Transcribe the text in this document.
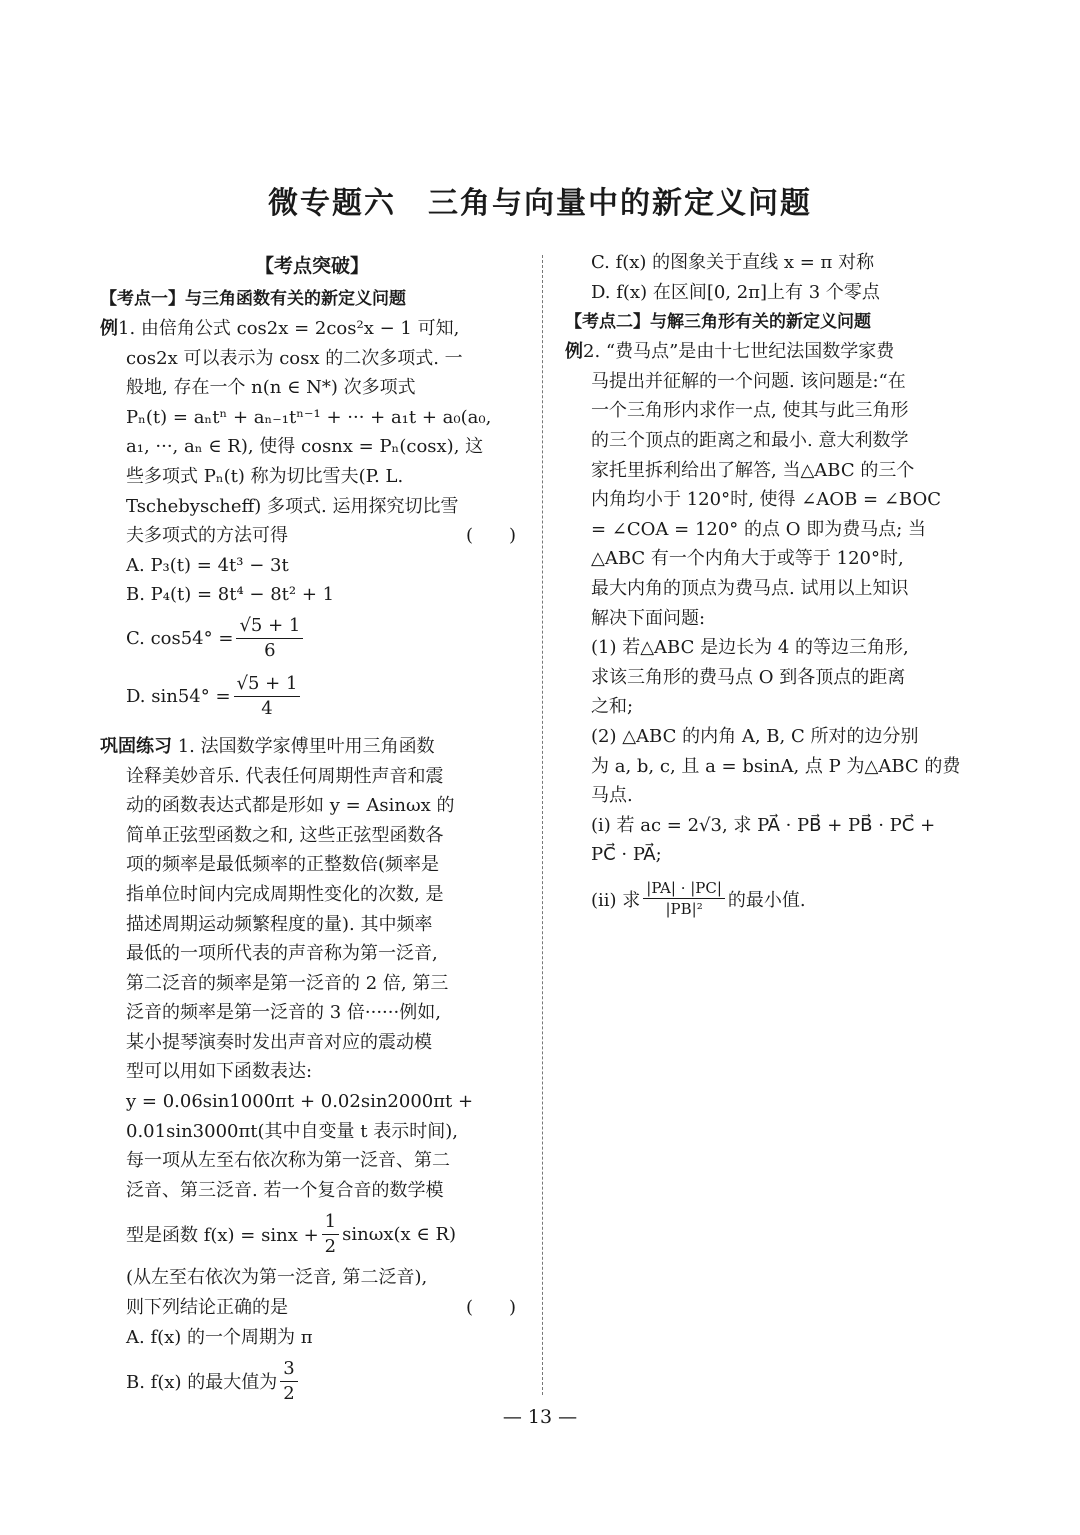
微专题六　三角与向量中的新定义问题
【考点突破】
【考点一】与三角函数有关的新定义问题
例1. 由倍角公式 cos2x = 2cos²x − 1 可知,
cos2x 可以表示为 cosx 的二次多项式. 一
般地, 存在一个 n(n ∈ N*) 次多项式
Pₙ(t) = aₙtⁿ + aₙ₋₁tⁿ⁻¹ + ··· + a₁t + a₀(a₀,
a₁, ···, aₙ ∈ R), 使得 cosnx = Pₙ(cosx), 这
些多项式 Pₙ(t) 称为切比雪夫(P. L.
Tschebyscheff) 多项式. 运用探究切比雪
夫多项式的方法可得	(　　)
A. P₃(t) = 4t³ − 3t
B. P₄(t) = 8t⁴ − 8t² + 1
C. $\cos 54^\circ = \frac{√5 + 1}{6}$
D. $\sin 54^\circ = \frac{√5 + 1}{4}$
巩固练习 1. 法国数学家傅里叶用三角函数
诠释美妙音乐. 代表任何周期性声音和震
动的函数表达式都是形如 y = Asinωx 的
简单正弦型函数之和, 这些正弦型函数各
项的频率是最低频率的正整数倍(频率是
指单位时间内完成周期性变化的次数, 是
描述周期运动频繁程度的量). 其中频率
最低的一项所代表的声音称为第一泛音,
第二泛音的频率是第一泛音的 2 倍, 第三
泛音的频率是第一泛音的 3 倍······例如,
某小提琴演奏时发出声音对应的震动模
型可以用如下函数表达:
y = 0.06sin1000πt + 0.02sin2000πt +
0.01sin3000πt(其中自变量 t 表示时间),
每一项从左至右依次称为第一泛音、第二
泛音、第三泛音. 若一个复合音的数学模
型是函数 $f(x) = \sin x + \frac{1}{2} \sin\omega x(x$ ∈ R)
(从左至右依次为第一泛音, 第二泛音),
则下列结论正确的是	(　　)
A. f(x) 的一个周期为 π
B. f(x) 的最大值为 $\frac{3}{2}$
C. f(x) 的图象关于直线 x = π 对称
D. f(x) 在区间[0, 2π]上有 3 个零点
【考点二】与解三角形有关的新定义问题
例2. “费马点”是由十七世纪法国数学家费
马提出并征解的一个问题. 该问题是:“在
一个三角形内求作一点, 使其与此三角形
的三个顶点的距离之和最小. 意大利数学
家托里拆利给出了解答, 当△ABC 的三个
内角均小于 120°时, 使得 ∠AOB = ∠BOC
= ∠COA = 120° 的点 O 即为费马点; 当
△ABC 有一个内角大于或等于 120°时,
最大内角的顶点为费马点. 试用以上知识
解决下面问题:
(1) 若△ABC 是边长为 4 的等边三角形,
求该三角形的费马点 O 到各顶点的距离
之和;
(2) △ABC 的内角 A, B, C 所对的边分别
为 a, b, c, 且 a = bsinA, 点 P 为△ABC 的费
马点.
(ⅰ) 若 ac = 2√3, 求 PA⃗ · PB⃗ + PB⃗ · PC⃗ +
PC⃗ · PA⃗;
(ⅱ) 求 $\frac{|PA| \cdot |PC|}{\text{|PB|²}}$ 的最小值.
— 13 —
